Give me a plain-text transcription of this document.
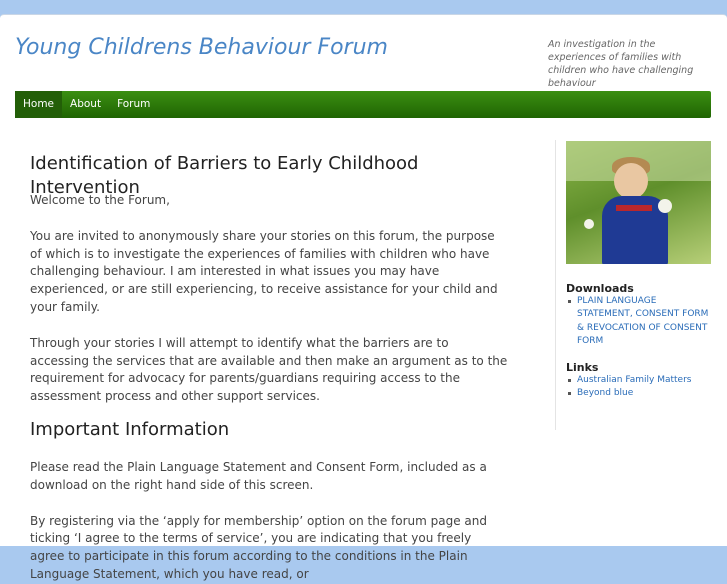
Young Childrens Behaviour Forum	An investigation in the experiences of families with children who have challenging behaviour
Home	About	Forum
Identification of Barriers to Early Childhood Intervention

Welcome to the Forum,

You are invited to anonymously share your stories on this forum, the purpose of which is to investigate the experiences of families with children who have challenging behaviour. I am interested in what issues you may have experienced, or are still experiencing, to receive assistance for your child and your family.

Through your stories I will attempt to identify what the barriers are to accessing the services that are available and then make an argument as to the requirement for advocacy for parents/guardians requiring access to the assessment process and other support services.

Important Information

Please read the Plain Language Statement and Consent Form, included as a download on the right hand side of this screen.

By registering via the ‘apply for membership’ option on the forum page and ticking ‘I agree to the terms of service’, you are indicating that you freely agree to participate in this forum according to the conditions in the Plain Language Statement, which you have read, or

Downloads
PLAIN LANGUAGE STATEMENT, CONSENT FORM & REVOCATION OF CONSENT FORM
Links
Australian Family Matters
Beyond blue
